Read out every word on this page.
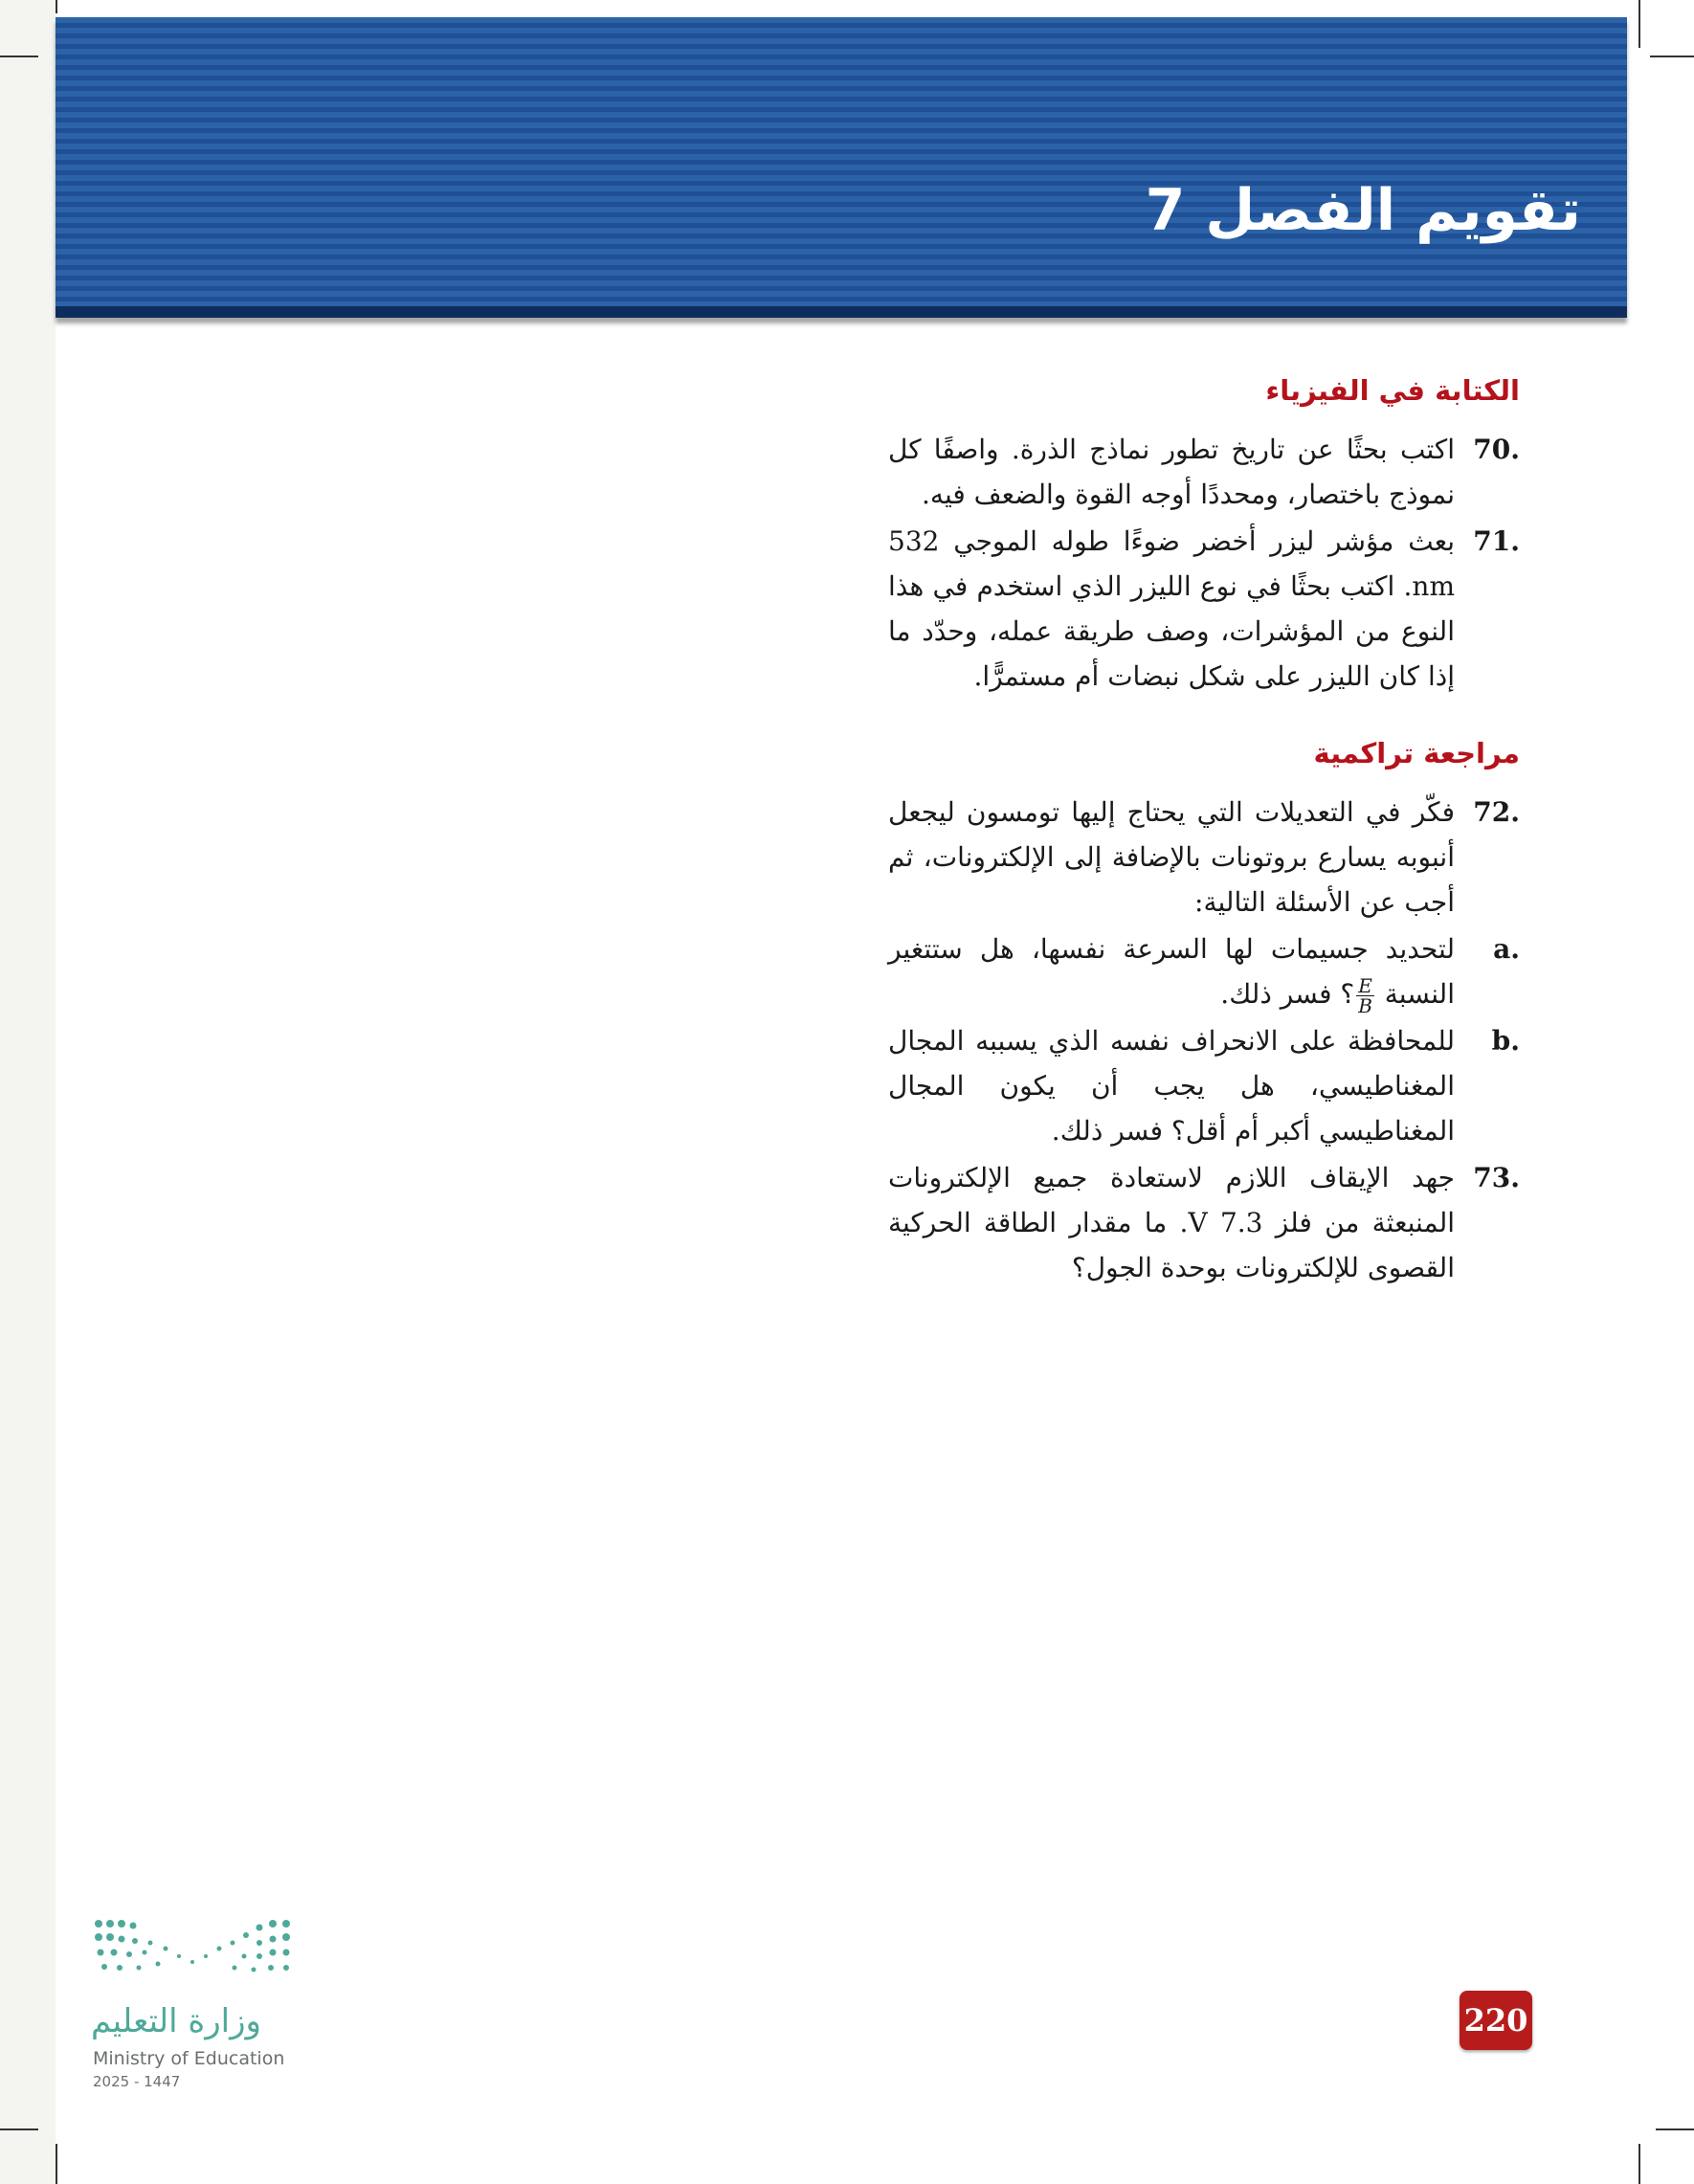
تقويم الفصل 7
الكتابة في الفيزياء
70.
اكتب بحثًا عن تاريخ تطور نماذج الذرة. واصفًا كل نموذج باختصار، ومحددًا أوجه القوة والضعف فيه.
71.
بعث مؤشر ليزر أخضر ضوءًا طوله الموجي 532 nm. اكتب بحثًا في نوع الليزر الذي استخدم في هذا النوع من المؤشرات، وصف طريقة عمله، وحدّد ما إذا كان الليزر على شكل نبضات أم مستمرًّا.
مراجعة تراكمية
72.
فكّر في التعديلات التي يحتاج إليها تومسون ليجعل أنبوبه يسارع بروتونات بالإضافة إلى الإلكترونات، ثم أجب عن الأسئلة التالية:
a.
لتحديد جسيمات لها السرعة نفسها، هل ستتغير النسبة
$\frac{E}{B}$
؟ فسر ذلك.
b.
للمحافظة على الانحراف نفسه الذي يسببه المجال المغناطيسي، هل يجب أن يكون المجال المغناطيسي أكبر أم أقل؟ فسر ذلك.
73.
جهد الإيقاف اللازم لاستعادة جميع الإلكترونات المنبعثة من فلز 7.3 V. ما مقدار الطاقة الحركية القصوى للإلكترونات بوحدة الجول؟
220
وزارة التعليم
Ministry of Education
2025 - 1447
